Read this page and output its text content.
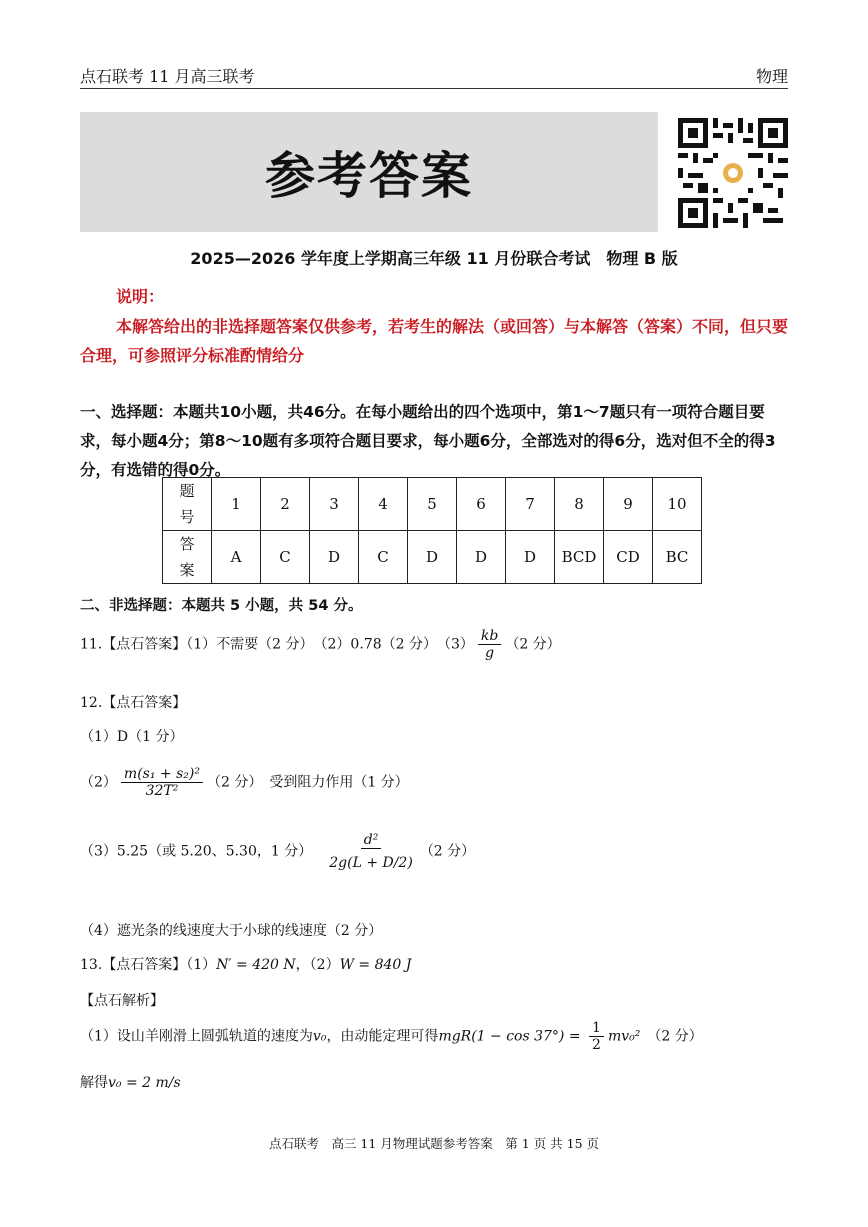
点石联考 11 月高三联考	物理
参考答案
2025—2026 学年度上学期高三年级 11 月份联合考试　物理 B 版
说明：
本解答给出的非选择题答案仅供参考，若考生的解法（或回答）与本解答（答案）不同，但只要合理，可参照评分标准酌情给分
一、选择题：本题共10小题，共46分。在每小题给出的四个选项中，第1～7题只有一项符合题目要求，每小题4分；第8～10题有多项符合题目要求，每小题6分，全部选对的得6分，选对但不全的得3分，有选错的得0分。
题号	1	2	3	4	5	6	7	8	9	10
答案	A	C	D	C	D	D	D	BCD	CD	BC
二、非选择题：本题共 5 小题，共 54 分。
11.【点石答案】（1）不需要（2 分）　（2）0.78（2 分）　$(3) \frac{kb}{g} (2$ 分）
12.【点石答案】
（1）D（1 分）
$(2) \frac{\text{m(s₁ + s₂)²}}{\text{32T²}} (2$ 分）　受到阻力作用（1 分）
（3）5.25（或 5.20、5.30，1 分） $\frac{\text{d²}}{2g(L + D/2)} (2$ 分）
（4）遮光条的线速度大于小球的线速度（2 分）
13.【点石答案】（1）N′ = 420 N，（2）W = 840 J
【点石解析】
（1）设山羊刚滑上圆弧轨道的速度为v₀，由动能定理可得$mgR(1 - \cos 37^\circ) = \frac{1}{2} mv_0^2$　 （2 分）
解得v₀ = 2 m/s
点石联考　高三 11 月物理试题参考答案　第 1 页 共 15 页
